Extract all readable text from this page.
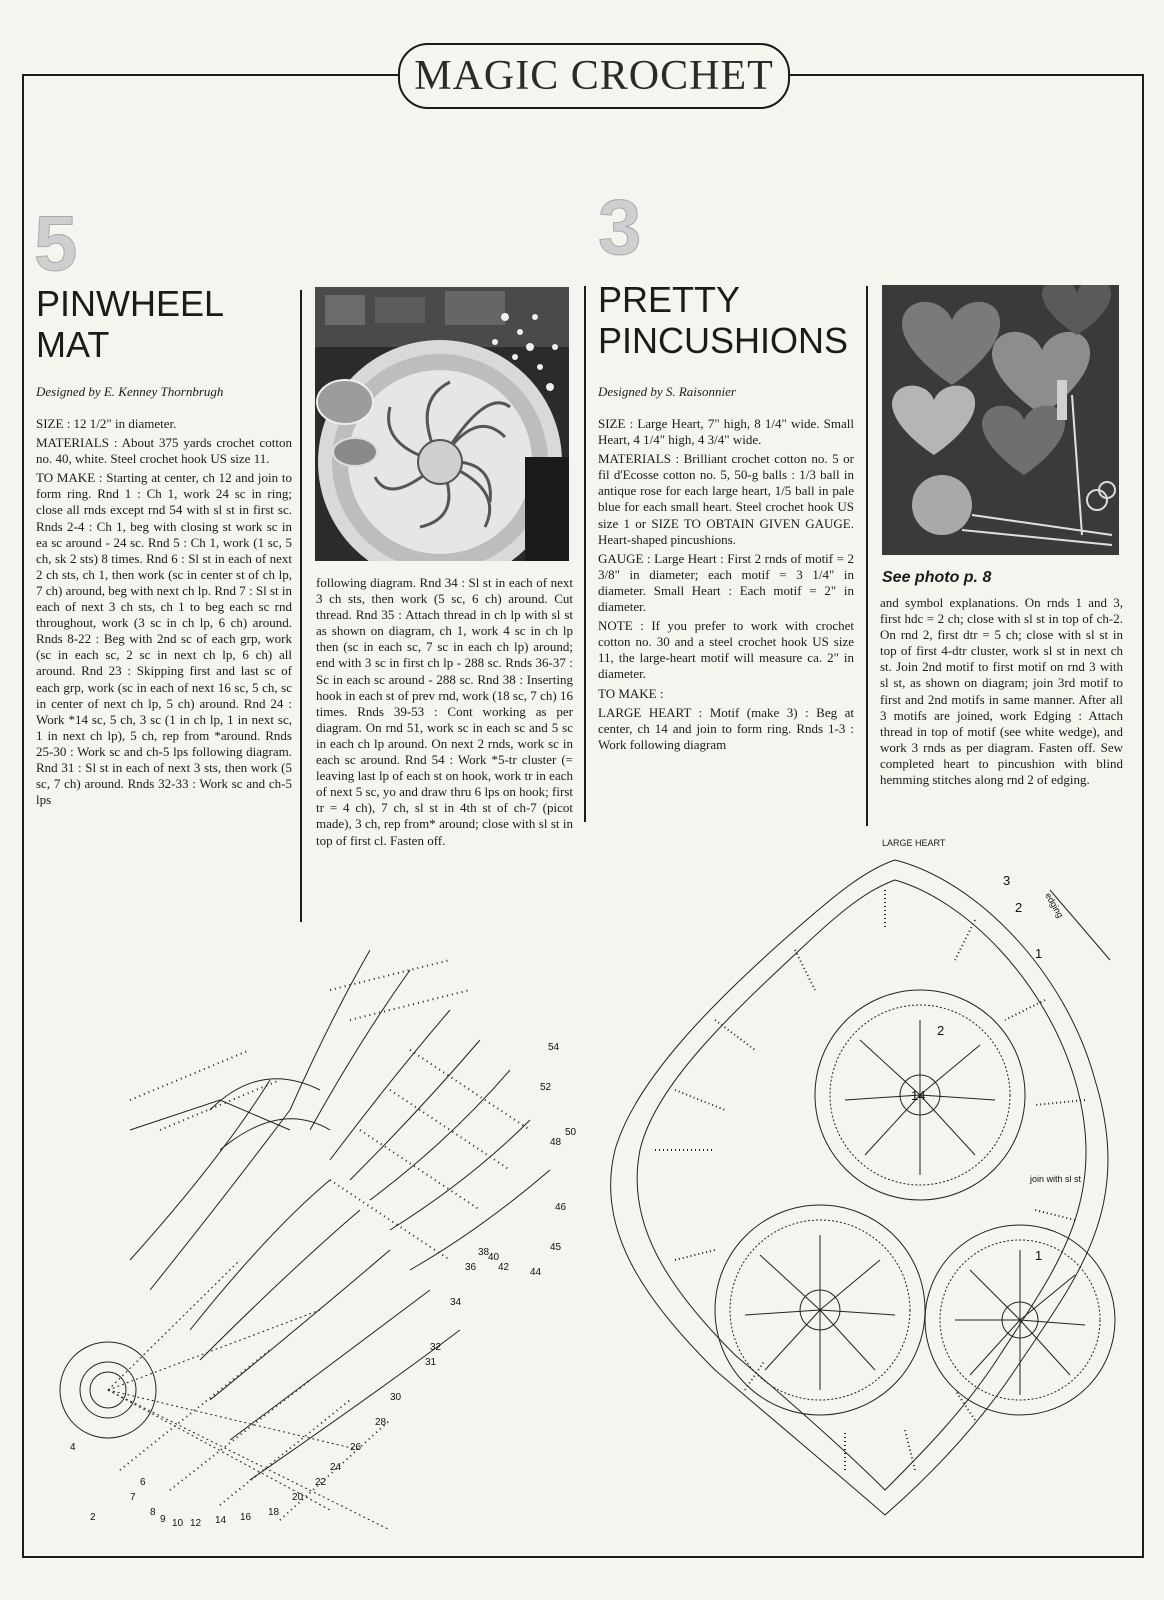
MAGIC CROCHET
5
PINWHEEL
MAT
Designed by E. Kenney Thornbrugh

SIZE : 12 1/2" in diameter.

MATERIALS : About 375 yards crochet cotton no. 40, white. Steel crochet hook US size 11.

TO MAKE : Starting at center, ch 12 and join to form ring. Rnd 1 : Ch 1, work 24 sc in ring; close all rnds except rnd 54 with sl st in first sc. Rnds 2-4 : Ch 1, beg with closing st work sc in ea sc around - 24 sc. Rnd 5 : Ch 1, work (1 sc, 5 ch, sk 2 sts) 8 times. Rnd 6 : Sl st in each of next 2 ch sts, ch 1, then work (sc in center st of ch lp, 7 ch) around, beg with next ch lp. Rnd 7 : Sl st in each of next 3 ch sts, ch 1 to beg each sc rnd throughout, work (3 sc in ch lp, 6 ch) around. Rnds 8-22 : Beg with 2nd sc of each grp, work (sc in each sc, 2 sc in next ch lp, 6 ch) all around. Rnd 23 : Skipping first and last sc of each grp, work (sc in each of next 16 sc, 5 ch, sc in center of next ch lp, 5 ch) around. Rnd 24 : Work *14 sc, 5 ch, 3 sc (1 in ch lp, 1 in next sc, 1 in next ch lp), 5 ch, rep from *around. Rnds 25-30 : Work sc and ch-5 lps following diagram. Rnd 31 : Sl st in each of next 3 sts, then work (5 sc, 7 ch) around. Rnds 32-33 : Work sc and ch-5 lps

following diagram. Rnd 34 : Sl st in each of next 3 ch sts, then work (5 sc, 6 ch) around. Cut thread. Rnd 35 : Attach thread in ch lp with sl st as shown on diagram, ch 1, work 4 sc in ch lp then (sc in each sc, 7 sc in each ch lp) around; end with 3 sc in first ch lp - 288 sc. Rnds 36-37 : Sc in each sc around - 288 sc. Rnd 38 : Inserting hook in each st of prev rnd, work (18 sc, 7 ch) 16 times. Rnds 39-53 : Cont working as per diagram. On rnd 51, work sc in each sc and 5 sc in each ch lp around. On next 2 rnds, work sc in each sc around. Rnd 54 : Work *5-tr cluster (= leaving last lp of each st on hook, work tr in each of next 5 sc, yo and draw thru 6 lps on hook; first tr = 4 ch), 7 ch, sl st in 4th st of ch-7 (picot made), 3 ch, rep from* around; close with sl st in top of first cl. Fasten off.

2
4
6
7
8
9 10 12 14 16 18
20
22
24
26
28
30
31
32
34
36
38
40
42 44
45
46
48
50
52
54
3
PRETTY
PINCUSHIONS
Designed by S. Raisonnier

SIZE : Large Heart, 7" high, 8 1/4" wide. Small Heart, 4 1/4" high, 4 3/4" wide.

MATERIALS : Brilliant crochet cotton no. 5 or fil d'Ecosse cotton no. 5, 50-g balls : 1/3 ball in antique rose for each large heart, 1/5 ball in pale blue for each small heart. Steel crochet hook US size 1 or SIZE TO OBTAIN GIVEN GAUGE. Heart-shaped pincushions.

GAUGE : Large Heart : First 2 rnds of motif = 2 3/8" in diameter; each motif = 3 1/4" in diameter. Small Heart : Each motif = 2" in diameter.

NOTE : If you prefer to work with crochet cotton no. 30 and a steel crochet hook US size 11, the large-heart motif will measure ca. 2" in diameter.

TO MAKE :

LARGE HEART : Motif (make 3) : Beg at center, ch 14 and join to form ring. Rnds 1-3 : Work following diagram

See photo p. 8

and symbol explanations. On rnds 1 and 3, first hdc = 2 ch; close with sl st in top of ch-2. On rnd 2, first dtr = 5 ch; close with sl st in top of first 4-dtr cluster, work sl st in next ch st. Join 2nd motif to first motif on rnd 3 with sl st, as shown on diagram; join 3rd motif to first and 2nd motifs in same manner. After all 3 motifs are joined, work Edging : Attach thread in top of motif (see white wedge), and work 3 rnds as per diagram. Fasten off. Sew completed heart to pincushion with blind hemming stitches along rnd 2 of edging.

LARGE HEART
14
2
1
1
2
3
edging
join with sl st
